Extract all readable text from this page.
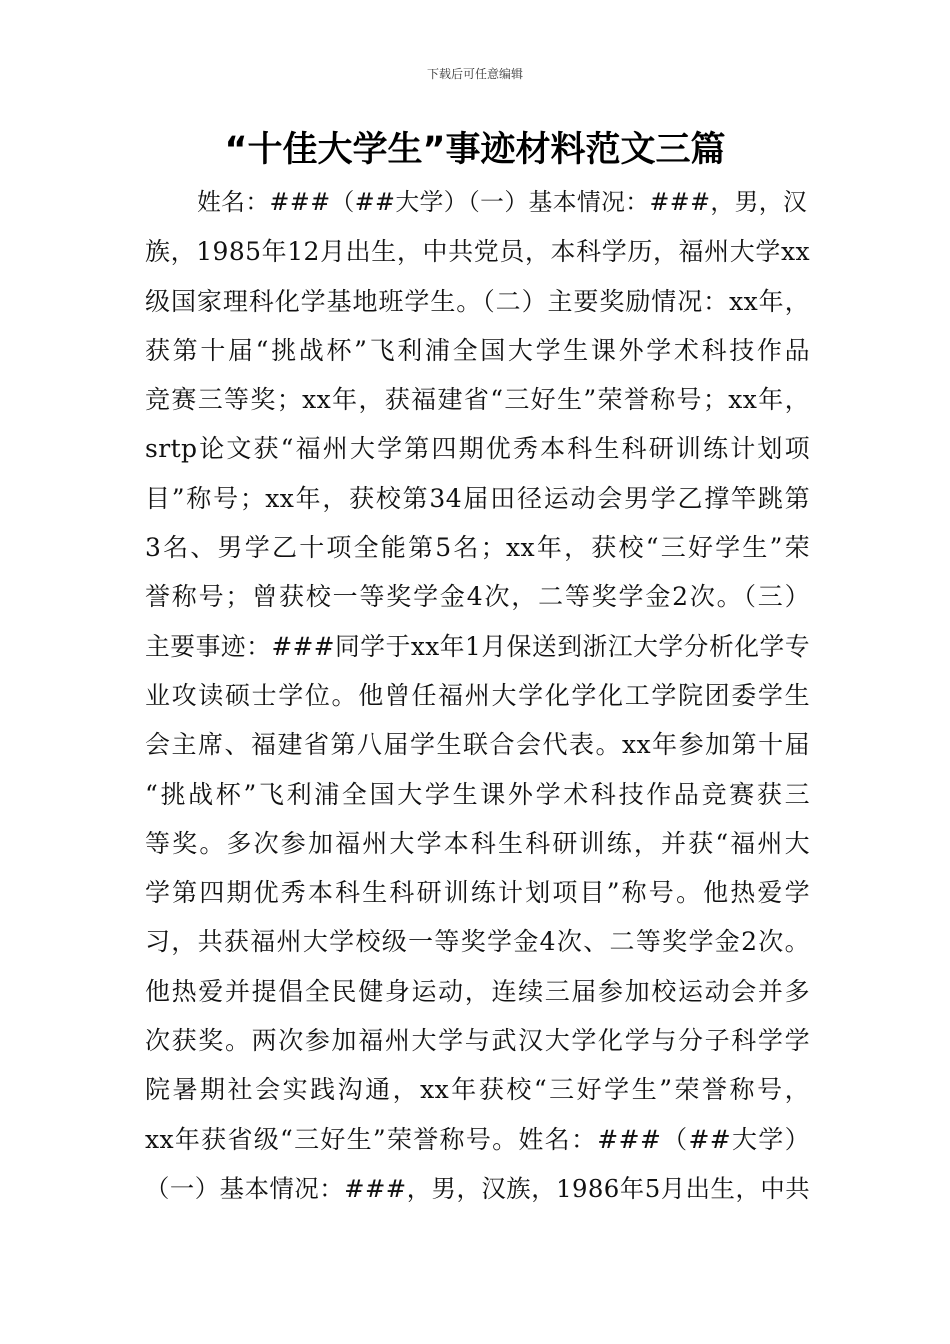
下载后可任意编辑
“十佳大学生”事迹材料范文三篇
姓名：###（##大学）（一）基本情况：###，男，汉
族，1985年12月出生，中共党员，本科学历，福州大学xx
级国家理科化学基地班学生。（二）主要奖励情况：xx年，
获第十届“挑战杯”飞利浦全国大学生课外学术科技作品
竞赛三等奖；xx年，获福建省“三好生”荣誉称号；xx年，
srtp论文获“福州大学第四期优秀本科生科研训练计划项
目”称号；xx年，获校第34届田径运动会男学乙撑竿跳第
3名、男学乙十项全能第5名；xx年，获校“三好学生”荣
誉称号；曾获校一等奖学金4次，二等奖学金2次。（三）
主要事迹：###同学于xx年1月保送到浙江大学分析化学专
业攻读硕士学位。他曾任福州大学化学化工学院团委学生
会主席、福建省第八届学生联合会代表。xx年参加第十届
“挑战杯”飞利浦全国大学生课外学术科技作品竞赛获三
等奖。多次参加福州大学本科生科研训练，并获“福州大
学第四期优秀本科生科研训练计划项目”称号。他热爱学
习，共获福州大学校级一等奖学金4次、二等奖学金2次。
他热爱并提倡全民健身运动，连续三届参加校运动会并多
次获奖。两次参加福州大学与武汉大学化学与分子科学学
院暑期社会实践沟通，xx年获校“三好学生”荣誉称号，
xx年获省级“三好生”荣誉称号。姓名：###（##大学）
（一）基本情况：###，男，汉族，1986年5月出生，中共
